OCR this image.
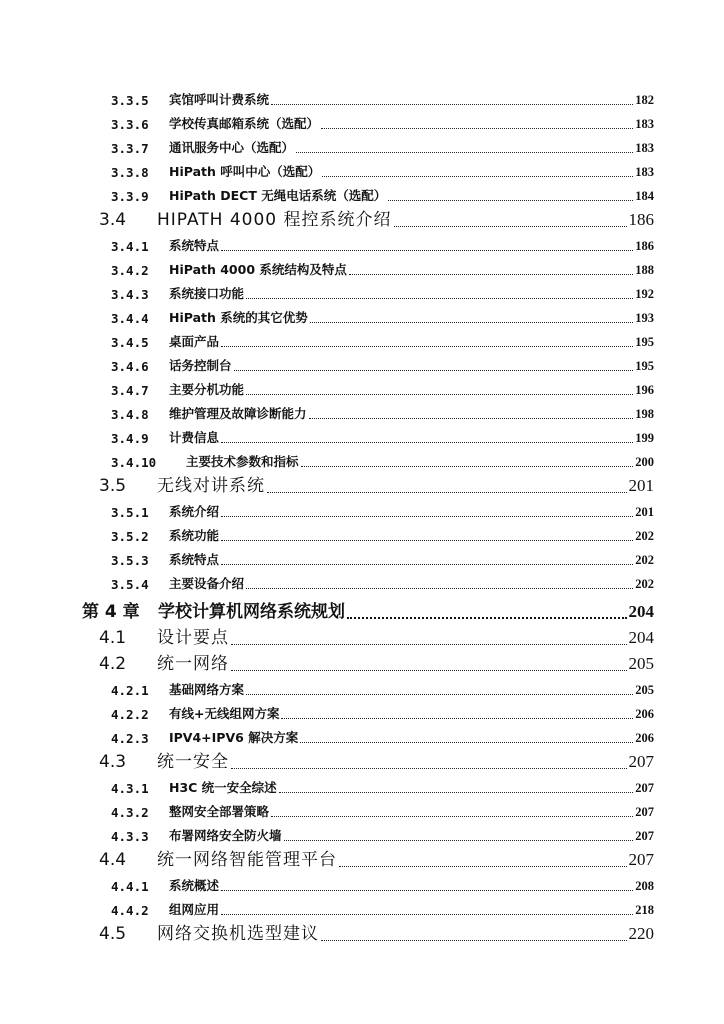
3.3.5	宾馆呼叫计费系统	182
3.3.6	学校传真邮箱系统（选配）	183
3.3.7	通讯服务中心（选配）	183
3.3.8	HiPath 呼叫中心（选配）	183
3.3.9	HiPath DECT 无绳电话系统（选配）	184
3.4	HIPATH 4000 程控系统介绍	186
3.4.1	系统特点	186
3.4.2	HiPath 4000 系统结构及特点	188
3.4.3	系统接口功能	192
3.4.4	HiPath 系统的其它优势	193
3.4.5	桌面产品	195
3.4.6	话务控制台	195
3.4.7	主要分机功能	196
3.4.8	维护管理及故障诊断能力	198
3.4.9	计费信息	199
3.4.10	主要技术参数和指标	200
3.5	无线对讲系统	201
3.5.1	系统介绍	201
3.5.2	系统功能	202
3.5.3	系统特点	202
3.5.4	主要设备介绍	202
第 4 章	学校计算机网络系统规划	204
4.1	设计要点	204
4.2	统一网络	205
4.2.1	基础网络方案	205
4.2.2	有线+无线组网方案	206
4.2.3	IPV4+IPV6 解决方案	206
4.3	统一安全	207
4.3.1	H3C 统一安全综述	207
4.3.2	整网安全部署策略	207
4.3.3	布署网络安全防火墙	207
4.4	统一网络智能管理平台	207
4.4.1	系统概述	208
4.4.2	组网应用	218
4.5	网络交换机选型建议	220
